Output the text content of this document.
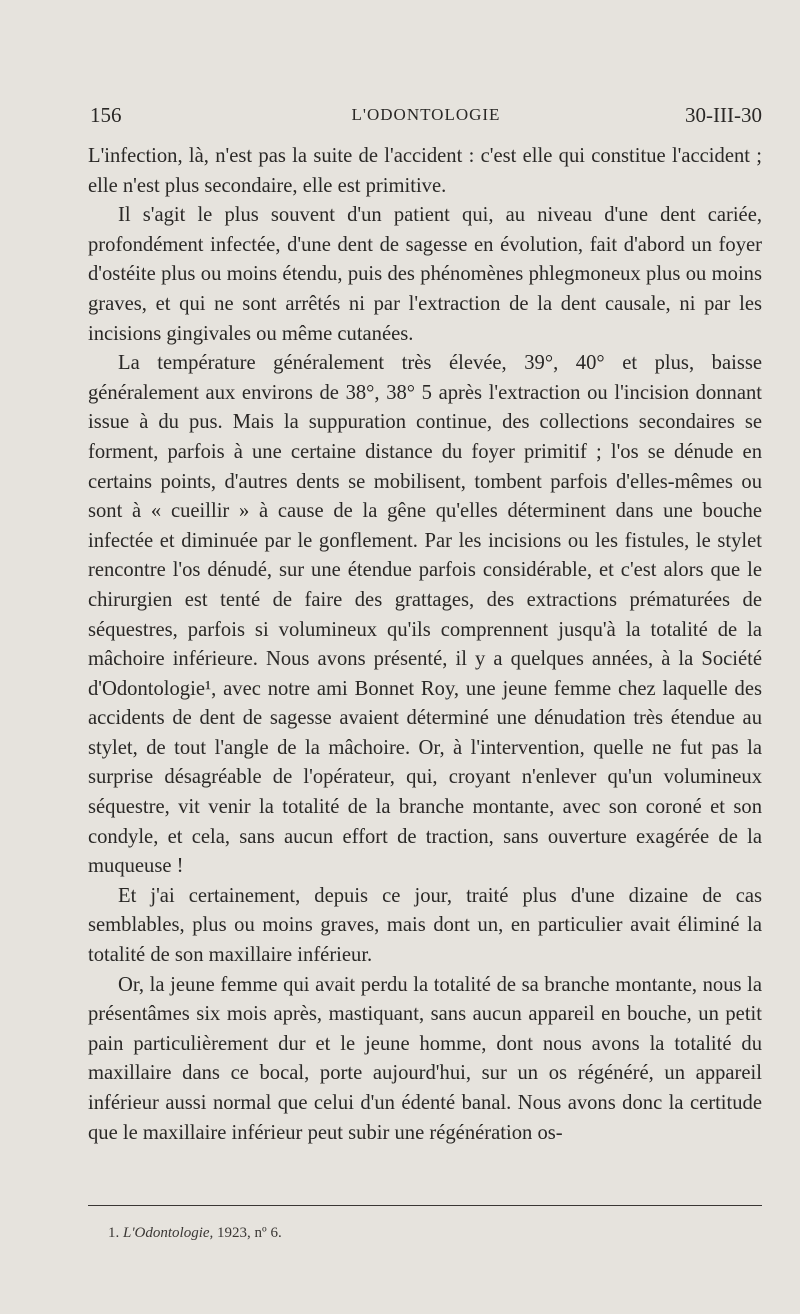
156	L'ODONTOLOGIE	30-III-30

L'infection, là, n'est pas la suite de l'accident : c'est elle qui constitue l'accident ; elle n'est plus secondaire, elle est primitive.

Il s'agit le plus souvent d'un patient qui, au niveau d'une dent cariée, profondément infectée, d'une dent de sagesse en évolution, fait d'abord un foyer d'ostéite plus ou moins étendu, puis des phénomènes phlegmoneux plus ou moins graves, et qui ne sont arrêtés ni par l'extraction de la dent causale, ni par les incisions gingivales ou même cutanées.

La température généralement très élevée, 39°, 40° et plus, baisse généralement aux environs de 38°, 38° 5 après l'extraction ou l'incision donnant issue à du pus. Mais la suppuration continue, des collections secondaires se forment, parfois à une certaine distance du foyer primitif ; l'os se dénude en certains points, d'autres dents se mobilisent, tombent parfois d'elles-mêmes ou sont à « cueillir » à cause de la gêne qu'elles déterminent dans une bouche infectée et diminuée par le gonflement. Par les incisions ou les fistules, le stylet rencontre l'os dénudé, sur une étendue parfois considérable, et c'est alors que le chirurgien est tenté de faire des grattages, des extractions prématurées de séquestres, parfois si volumineux qu'ils comprennent jusqu'à la totalité de la mâchoire inférieure. Nous avons présenté, il y a quelques années, à la Société d'Odontologie¹, avec notre ami Bonnet Roy, une jeune femme chez laquelle des accidents de dent de sagesse avaient déterminé une dénudation très étendue au stylet, de tout l'angle de la mâchoire. Or, à l'intervention, quelle ne fut pas la surprise désagréable de l'opérateur, qui, croyant n'enlever qu'un volumineux séquestre, vit venir la totalité de la branche montante, avec son coroné et son condyle, et cela, sans aucun effort de traction, sans ouverture exagérée de la muqueuse !

Et j'ai certainement, depuis ce jour, traité plus d'une dizaine de cas semblables, plus ou moins graves, mais dont un, en particulier avait éliminé la totalité de son maxillaire inférieur.

Or, la jeune femme qui avait perdu la totalité de sa branche montante, nous la présentâmes six mois après, mastiquant, sans aucun appareil en bouche, un petit pain particulièrement dur et le jeune homme, dont nous avons la totalité du maxillaire dans ce bocal, porte aujourd'hui, sur un os régénéré, un appareil inférieur aussi normal que celui d'un édenté banal. Nous avons donc la certitude que le maxillaire inférieur peut subir une régénération os-

1. L'Odontologie, 1923, nº 6.
